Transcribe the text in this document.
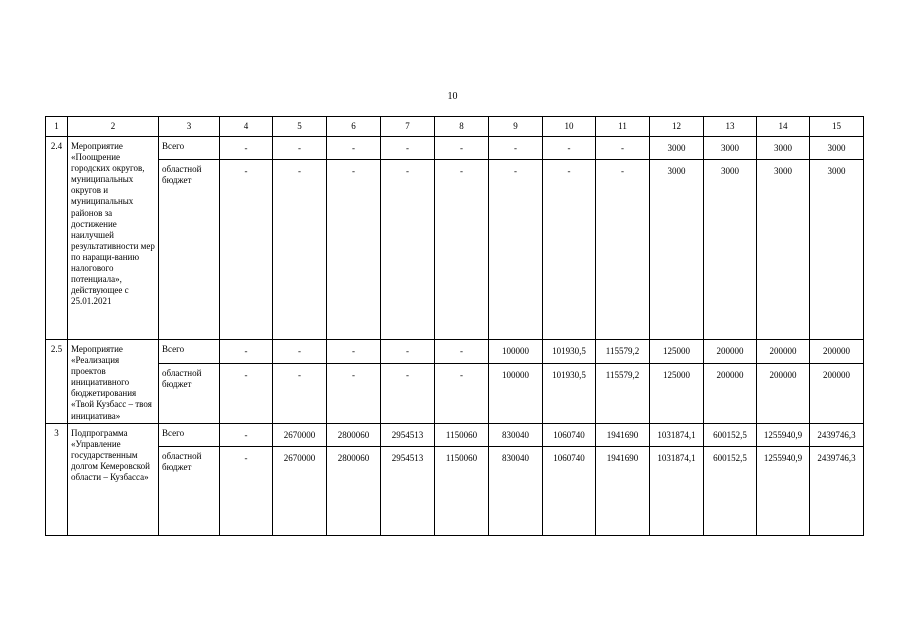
10
1	2	3	4	5	6	7	8	9	10	11	12	13	14	15
2.4	Мероприятие «Поощрение городских округов, муниципальных округов и муниципальных районов за достижение наилучшей результативности мер по наращи-ванию налогового потенциала», действующее с 25.01.2021	Всего	-	-	-	-	-	-	-	-	3000	3000	3000	3000
		областной бюджет	-	-	-	-	-	-	-	-	3000	3000	3000	3000
2.5	Мероприятие «Реализация проектов инициативного бюджетирования «Твой Кузбасс – твоя инициатива»	Всего	-	-	-	-	-	100000	101930,5	115579,2	125000	200000	200000	200000
		областной бюджет	-	-	-	-	-	100000	101930,5	115579,2	125000	200000	200000	200000
3	Подпрограмма «Управление государственным долгом Кемеровской области – Кузбасса»	Всего	-	2670000	2800060	2954513	1150060	830040	1060740	1941690	1031874,1	600152,5	1255940,9	2439746,3
		областной бюджет	-	2670000	2800060	2954513	1150060	830040	1060740	1941690	1031874,1	600152,5	1255940,9	2439746,3
